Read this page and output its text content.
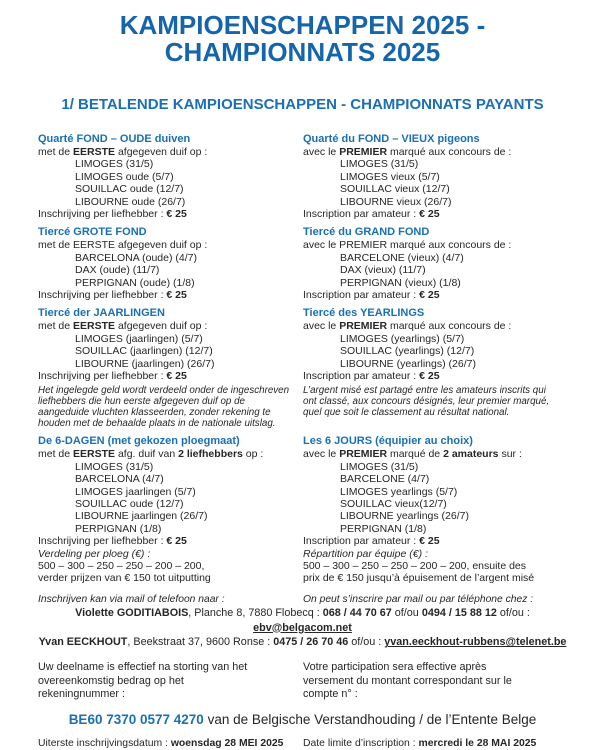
KAMPIOENSCHAPPEN 2025 -
CHAMPIONNATS 2025
1/ BETALENDE KAMPIOENSCHAPPEN - CHAMPIONNATS PAYANTS
Quarté FOND – OUDE duiven
met de EERSTE afgegeven duif op :
LIMOGES (31/5)
LIMOGES oude (5/7)
SOUILLAC oude (12/7)
LIBOURNE oude (26/7)
Inschrijving per liefhebber : € 25
Quarté du FOND – VIEUX pigeons
avec le PREMIER marqué aux concours de :
LIMOGES (31/5)
LIMOGES vieux (5/7)
SOUILLAC vieux (12/7)
LIBOURNE vieux (26/7)
Inscription par amateur : € 25
Tiercé GROTE FOND
met de EERSTE afgegeven duif op :
BARCELONA (oude) (4/7)
DAX (oude) (11/7)
PERPIGNAN (oude) (1/8)
Inschrijving per liefhebber : € 25
Tiercé du GRAND FOND
avec le PREMIER marqué aux concours de :
BARCELONE (vieux) (4/7)
DAX (vieux) (11/7)
PERPIGNAN (vieux) (1/8)
Inscription par amateur : € 25
Tiercé der JAARLINGEN
met de EERSTE afgegeven duif op :
LIMOGES (jaarlingen) (5/7)
SOUILLAC (jaarlingen) (12/7)
LIBOURNE (jaarlingen) (26/7)
Inschrijving per liefhebber : € 25
Het ingelegde geld wordt verdeeld onder de ingeschreven liefhebbers die hun eerste afgegeven duif op de aangeduide vluchten klasseerden, zonder rekening te houden met de behaalde plaats in de nationale uitslag.
Tiercé des YEARLINGS
avec le PREMIER marqué aux concours de :
LIMOGES (yearlings) (5/7)
SOUILLAC (yearlings) (12/7)
LIBOURNE (yearlings) (26/7)
Inscription par amateur : € 25
L’argent misé est partagé entre les amateurs inscrits qui ont classé, aux concours désignés, leur premier marqué, quel que soit le classement au résultat national.
De 6-DAGEN (met gekozen ploegmaat)
met de EERSTE afg. duif van 2 liefhebbers op :
LIMOGES (31/5)
BARCELONA (4/7)
LIMOGES jaarlingen (5/7)
SOUILLAC oude (12/7)
LIBOURNE jaarlingen (26/7)
PERPIGNAN (1/8)
Inschrijving per liefhebber : € 25
Verdeling per ploeg (€) :
500 – 300 – 250 – 250 – 200 – 200,
verder prijzen van € 150 tot uitputting
Les 6 JOURS (équipier au choix)
avec le PREMIER marqué de 2 amateurs sur :
LIMOGES (31/5)
BARCELONE (4/7)
LIMOGES yearlings (5/7)
SOUILLAC vieux(12/7)
LIBOURNE yearlings (26/7)
PERPIGNAN (1/8)
Inscription par amateur : € 25
Répartition par équipe (€) :
500 – 300 – 250 – 250 – 200 – 200, ensuite des
prix de € 150 jusqu’à épuisement de l’argent misé
Inschrijven kan via mail of telefoon naar :	On peut s’inscrire par mail ou par téléphone chez :
Violette GODITIABOIS, Planche 8, 7880 Flobecq : 068 / 44 70 67 of/ou 0494 / 15 88 12 of/ou : ebv@belgacom.net
Yvan EECKHOUT, Beekstraat 37, 9600 Ronse : 0475 / 26 70 46 of/ou : yvan.eeckhout-rubbens@telenet.be
Uw deelname is effectief na storting van het overeenkomstig bedrag op het rekeningnummer :
Votre participation sera effective après versement du montant correspondant sur le compte n° :
BE60 7370 0577 4270 van de Belgische Verstandhouding / de l’Entente Belge
Uiterste inschrijvingsdatum : woensdag 28 MEI 2025	Date limite d’inscription : mercredi le 28 MAI 2025
